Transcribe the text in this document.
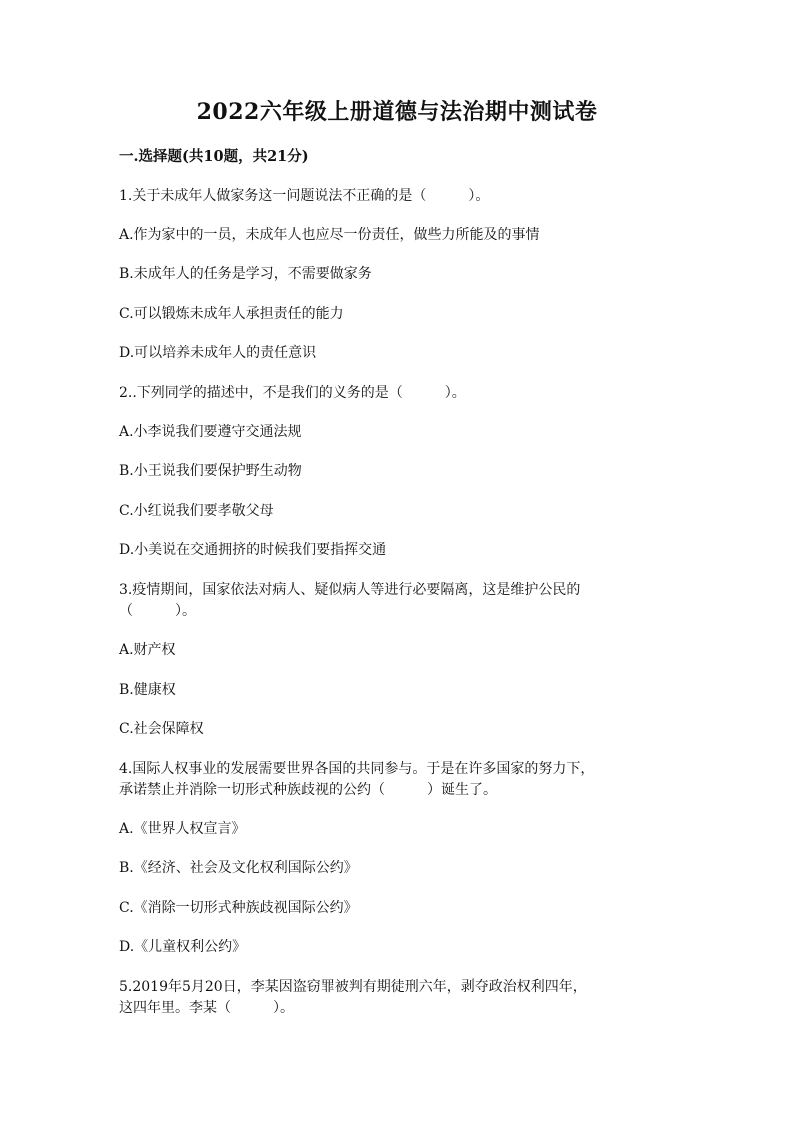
2022六年级上册道德与法治期中测试卷
一.选择题(共10题，共21分)
1.关于未成年人做家务这一问题说法不正确的是（　　　）。
A.作为家中的一员，未成年人也应尽一份责任，做些力所能及的事情
B.未成年人的任务是学习，不需要做家务
C.可以锻炼未成年人承担责任的能力
D.可以培养未成年人的责任意识
2..下列同学的描述中，不是我们的义务的是（　　　）。
A.小李说我们要遵守交通法规
B.小王说我们要保护野生动物
C.小红说我们要孝敬父母
D.小美说在交通拥挤的时候我们要指挥交通
3.疫情期间，国家依法对病人、疑似病人等进行必要隔离，这是维护公民的
（　　　）。
A.财产权
B.健康权
C.社会保障权
4.国际人权事业的发展需要世界各国的共同参与。于是在许多国家的努力下，
承诺禁止并消除一切形式种族歧视的公约（　　　）诞生了。
A.《世界人权宣言》
B.《经济、社会及文化权利国际公约》
C.《消除一切形式种族歧视国际公约》
D.《儿童权利公约》
5.2019年5月20日，李某因盗窃罪被判有期徒刑六年，剥夺政治权利四年，
这四年里。李某（　　　）。
